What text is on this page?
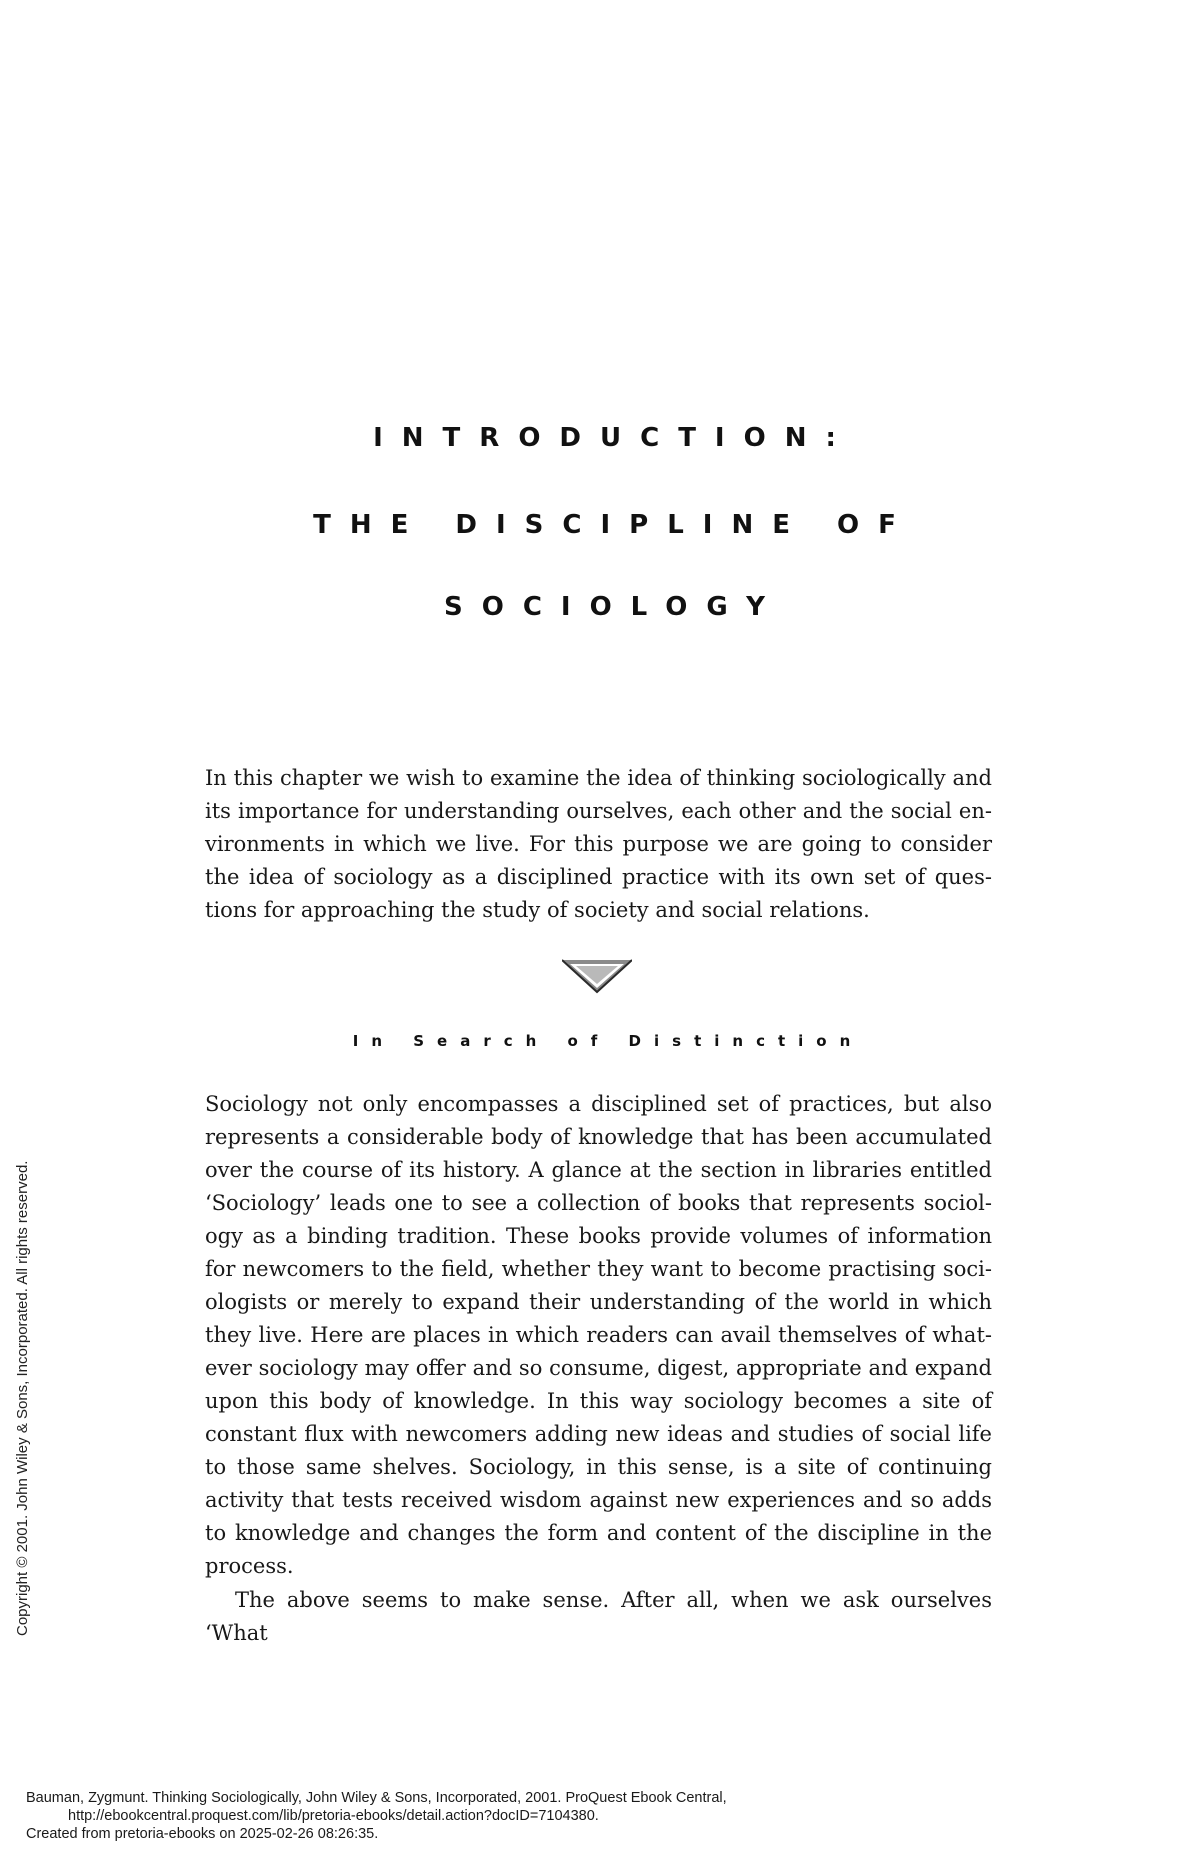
INTRODUCTION:
THE DISCIPLINE OF
SOCIOLOGY

In this chapter we wish to examine the idea of thinking sociologically and its importance for understanding ourselves, each other and the social environments in which we live. For this purpose we are going to consider the idea of sociology as a disciplined practice with its own set of questions for approaching the study of society and social relations.

In Search of Distinction

Sociology not only encompasses a disciplined set of practices, but also represents a considerable body of knowledge that has been accumulated over the course of its history. A glance at the section in libraries entitled ‘Sociology’ leads one to see a collection of books that represents sociology as a binding tradition. These books provide volumes of information for newcomers to the field, whether they want to become practising sociologists or merely to expand their understanding of the world in which they live. Here are places in which readers can avail themselves of whatever sociology may offer and so consume, digest, appropriate and expand upon this body of knowledge. In this way sociology becomes a site of constant flux with newcomers adding new ideas and studies of social life to those same shelves. Sociology, in this sense, is a site of continuing activity that tests received wisdom against new experiences and so adds to knowledge and changes the form and content of the discipline in the process.

The above seems to make sense. After all, when we ask ourselves ‘What

Copyright © 2001. John Wiley & Sons, Incorporated. All rights reserved.
Bauman, Zygmunt. Thinking Sociologically, John Wiley & Sons, Incorporated, 2001. ProQuest Ebook Central,
http://ebookcentral.proquest.com/lib/pretoria-ebooks/detail.action?docID=7104380.
Created from pretoria-ebooks on 2025-02-26 08:26:35.
